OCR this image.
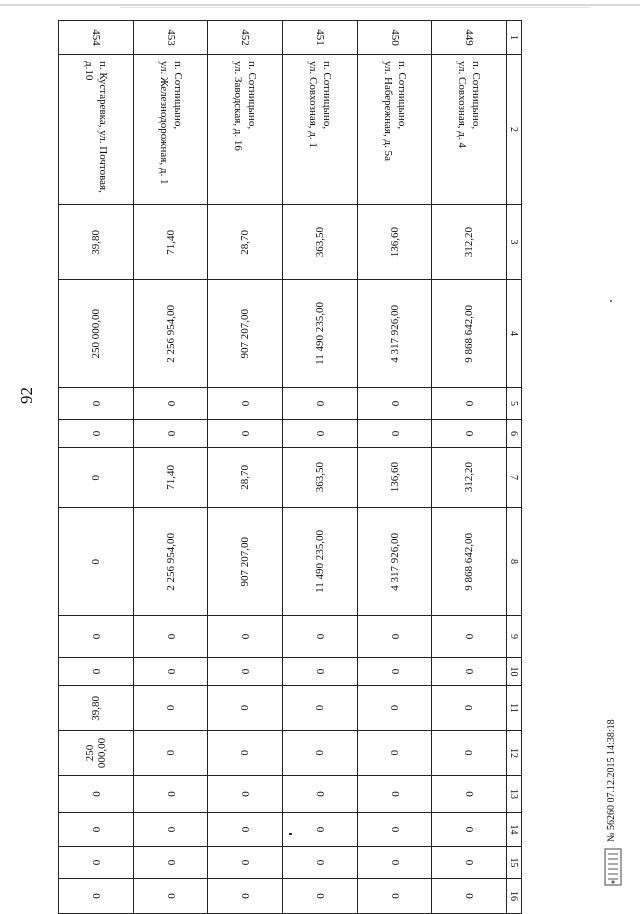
92
1	2	3	4	5	6	7	8	9	10	11	12	13	14	15	16
449	п. Сотницыно,
ул. Совхозная, д. 4	312,20	9 868 642,00	0	0	312,20	9 868 642,00	0	0	0	0	0	0	0	0
450	п. Сотницыно,
ул. Набережная, д. 5а	136,60	4 317 926,00	0	0	136,60	4 317 926,00	0	0	0	0	0	0	0	0
451	п. Сотницыно,
ул. Совхозная, д. 1	363,50	11 490 235,00	0	0	363,50	11 490 235,00	0	0	0	0	0	0	0	0
452	п. Сотницыно,
ул. Заводская, д. 16	28,70	907 207,00	0	0	28,70	907 207,00	0	0	0	0	0	0	0	0
453	п. Сотницыно,
ул. Железнодорожная, д. 1	71,40	2 256 954,00	0	0	71,40	2 256 954,00	0	0	0	0	0	0	0	0
454	п. Кустаревка, ул. Почтовая,
д.10	39,80	250 000,00	0	0	0	0	0	0	39,80	250 000,00	0	0	0	0
№ 56260 07.12.2015 14:38:18
